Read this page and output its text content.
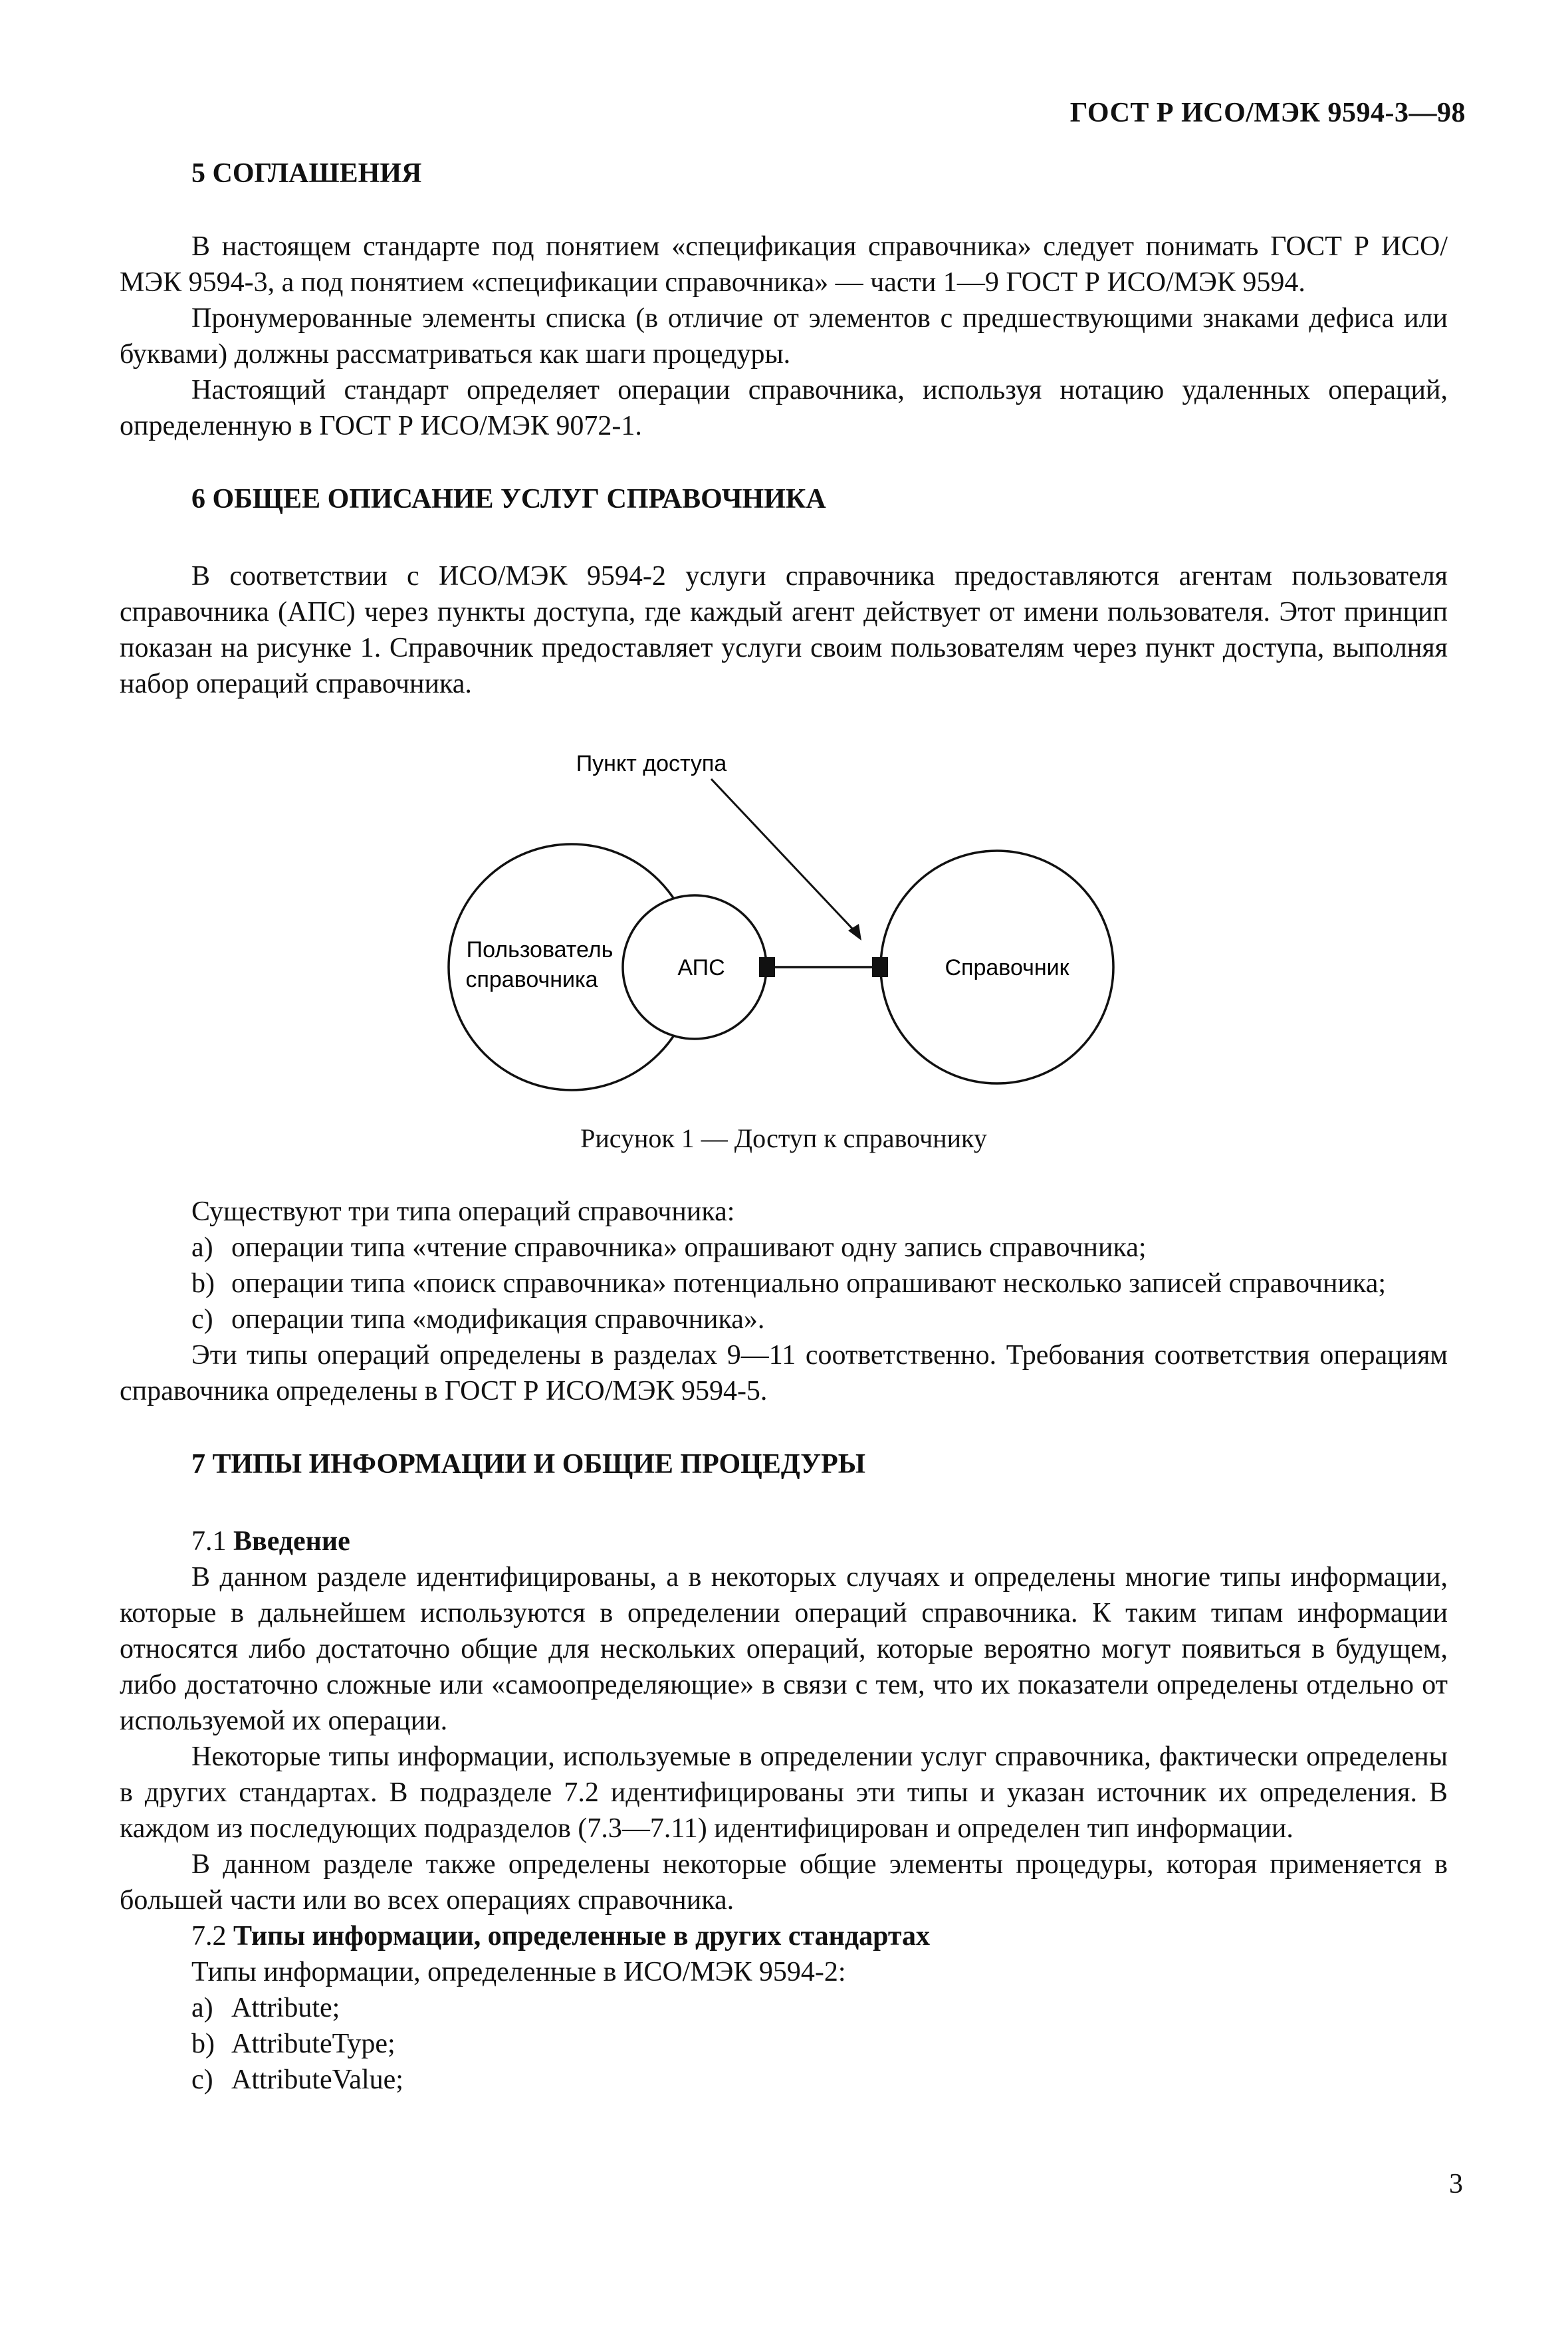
ГОСТ Р ИСО/МЭК 9594-3—98
5 СОГЛАШЕНИЯ

В настоящем стандарте под понятием «спецификация справочника» следует понимать ГОСТ Р ИСО/МЭК 9594-3, а под понятием «спецификации справочника» — части 1—9 ГОСТ Р ИСО/МЭК 9594.

Пронумерованные элементы списка (в отличие от элементов с предшествующими знаками дефиса или буквами) должны рассматриваться как шаги процедуры.

Настоящий стандарт определяет операции справочника, используя нотацию удаленных операций, определенную в ГОСТ Р ИСО/МЭК 9072-1.

6 ОБЩЕЕ ОПИСАНИЕ УСЛУГ СПРАВОЧНИКА

В соответствии с ИСО/МЭК 9594-2 услуги справочника предоставляются агентам пользователя справочника (АПС) через пункты доступа, где каждый агент действует от имени пользователя. Этот принцип показан на рисунке 1. Справочник предоставляет услуги своим пользователям через пункт доступа, выполняя набор операций справочника.

Пункт доступа
Пользователь
справочника	АПС	Справочник

Рисунок 1 — Доступ к справочнику

Существуют три типа операций справочника:

a) операции типа «чтение справочника» опрашивают одну запись справочника;
b) операции типа «поиск справочника» потенциально опрашивают несколько записей справочника;
c) операции типа «модификация справочника».

Эти типы операций определены в разделах 9—11 соответственно. Требования соответствия операциям справочника определены в ГОСТ Р ИСО/МЭК 9594-5.

7 ТИПЫ ИНФОРМАЦИИ И ОБЩИЕ ПРОЦЕДУРЫ

7.1 Введение

В данном разделе идентифицированы, а в некоторых случаях и определены многие типы информации, которые в дальнейшем используются в определении операций справочника. К таким типам информации относятся либо достаточно общие для нескольких операций, которые вероятно могут появиться в будущем, либо достаточно сложные или «самоопределяющие» в связи с тем, что их показатели определены отдельно от используемой их операции.

Некоторые типы информации, используемые в определении услуг справочника, фактически определены в других стандартах. В подразделе 7.2 идентифицированы эти типы и указан источник их определения. В каждом из последующих подразделов (7.3—7.11) идентифицирован и определен тип информации.

В данном разделе также определены некоторые общие элементы процедуры, которая применяется в большей части или во всех операциях справочника.

7.2 Типы информации, определенные в других стандартах

Типы информации, определенные в ИСО/МЭК 9594-2:

a) Attribute;
b) AttributeType;
c) AttributeValue;
3
